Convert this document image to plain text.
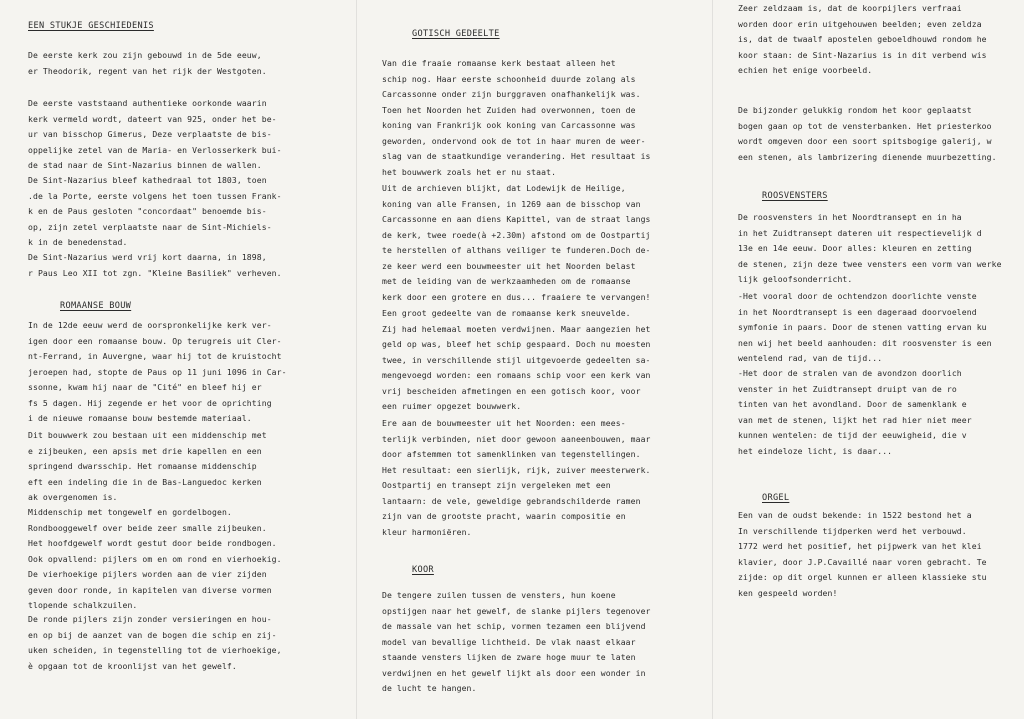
EEN STUKJE GESCHIEDENIS
De eerste kerk zou zijn gebouwd in de 5de eeuw,
er Theodorik, regent van het rijk der Westgoten.
De eerste vaststaand authentieke oorkonde waarin
kerk vermeld wordt, dateert van 925, onder het be-
ur van bisschop Gimerus, Deze verplaatste de bis-
oppelijke zetel van de Maria- en Verlosserkerk bui-
de stad naar de Sint-Nazarius binnen de wallen.
De Sint-Nazarius bleef kathedraal tot 1803, toen
.de la Porte, eerste volgens het toen tussen Frank-
k en de Paus gesloten "concordaat" benoemde bis-
op, zijn zetel verplaatste naar de Sint-Michiels-
k in de benedenstad.
De Sint-Nazarius werd vrij kort daarna, in 1898,
r Paus Leo XII tot zgn. "Kleine Basiliek" verheven.
ROMAANSE BOUW
In de 12de eeuw werd de oorspronkelijke kerk ver-
igen door een romaanse bouw. Op terugreis uit Cler-
nt-Ferrand, in Auvergne, waar hij tot de kruistocht
jeroepen had, stopte de Paus op 11 juni 1096 in Car-
ssonne, kwam hij naar de "Cité" en bleef hij er
fs 5 dagen. Hij zegende er het voor de oprichting
i de nieuwe romaanse bouw bestemde materiaal.
Dit bouwwerk zou bestaan uit een middenschip met
e zijbeuken, een apsis met drie kapellen en een
springend dwarsschip. Het romaanse middenschip
eft een indeling die in de Bas-Languedoc kerken
ak overgenomen is.
Middenschip met tongewelf en gordelbogen.
Rondbooggewelf over beide zeer smalle zijbeuken.
Het hoofdgewelf wordt gestut door beide rondbogen.
Ook opvallend: pijlers om en om rond en vierhoekig.
De vierhoekige pijlers worden aan de vier zijden
geven door ronde, in kapitelen van diverse vormen
tlopende schalkzuilen.
De ronde pijlers zijn zonder versieringen en hou-
en op bij de aanzet van de bogen die schip en zij-
uken scheiden, in tegenstelling tot de vierhoekige,
è opgaan tot de kroonlijst van het gewelf.
GOTISCH GEDEELTE
Van die fraaie romaanse kerk bestaat alleen het
schip nog. Haar eerste schoonheid duurde zolang als
Carcassonne onder zijn burggraven onafhankelijk was.
Toen het Noorden het Zuiden had overwonnen, toen de
koning van Frankrijk ook koning van Carcassonne was
geworden, ondervond ook de tot in haar muren de weer-
slag van de staatkundige verandering. Het resultaat is
het bouwwerk zoals het er nu staat.
Uit de archieven blijkt, dat Lodewijk de Heilige,
koning van alle Fransen, in 1269 aan de bisschop van
Carcassonne en aan diens Kapittel, van de straat langs
de kerk, twee roede(à +2.30m) afstond om de Oostpartij
te herstellen of althans veiliger te funderen.Doch de-
ze keer werd een bouwmeester uit het Noorden belast
met de leiding van de werkzaamheden om de romaanse
kerk door een grotere en dus... fraaiere te vervangen!
Een groot gedeelte van de romaanse kerk sneuvelde.
Zij had helemaal moeten verdwijnen. Maar aangezien het
geld op was, bleef het schip gespaard. Doch nu moesten
twee, in verschillende stijl uitgevoerde gedeelten sa-
mengevoegd worden: een romaans schip voor een kerk van
vrij bescheiden afmetingen en een gotisch koor, voor
een ruimer opgezet bouwwerk.
Ere aan de bouwmeester uit het Noorden: een mees-
terlijk verbinden, niet door gewoon aaneenbouwen, maar
door afstemmen tot samenklinken van tegenstellingen.
Het resultaat: een sierlijk, rijk, zuiver meesterwerk.
Oostpartij en transept zijn vergeleken met een
lantaarn: de vele, geweldige gebrandschilderde ramen
zijn van de grootste pracht, waarin compositie en
kleur harmoniëren.
KOOR
De tengere zuilen tussen de vensters, hun koene
opstijgen naar het gewelf, de slanke pijlers tegenover
de massale van het schip, vormen tezamen een blijvend
model van bevallige lichtheid. De vlak naast elkaar
staande vensters lijken de zware hoge muur te laten
verdwijnen en het gewelf lijkt als door een wonder in
de lucht te hangen.
Zeer zeldzaam is, dat de koorpijlers verfraai
worden door erin uitgehouwen beelden; even zeldza
is, dat de twaalf apostelen geboeldhouwd rondom he
koor staan: de Sint-Nazarius is in dit verbend wis
echien het enige voorbeeld.
De bijzonder gelukkig rondom het koor geplaatst
bogen gaan op tot de vensterbanken. Het priesterkoo
wordt omgeven door een soort spitsbogige galerij, w
een stenen, als lambrizering dienende muurbezetting.
ROOSVENSTERS
De roosvensters in het Noordtransept en in ha
in het Zuidtransept dateren uit respectievelijk d
13e en 14e eeuw. Door alles: kleuren en zetting
de stenen, zijn deze twee vensters een vorm van werke
lijk geloofsonderricht.
-Het vooral door de ochtendzon doorlichte venste
in het Noordtransept is een dageraad doorvoelend
symfonie in paars. Door de stenen vatting ervan ku
nen wij het beeld aanhouden: dit roosvenster is een
wentelend rad, van de tijd...
-Het door de stralen van de avondzon doorlich
venster in het Zuidtransept druipt van de ro
tinten van het avondland. Door de samenklank e
van met de stenen, lijkt het rad hier niet meer
kunnen wentelen: de tijd der eeuwigheid, die v
het eindeloze licht, is daar...
ORGEL
Een van de oudst bekende: in 1522 bestond het a
In verschillende tijdperken werd het verbouwd.
1772 werd het positief, het pijpwerk van het klei
klavier, door J.P.Cavaillé naar voren gebracht. Te
zijde: op dit orgel kunnen er alleen klassieke stu
ken gespeeld worden!
